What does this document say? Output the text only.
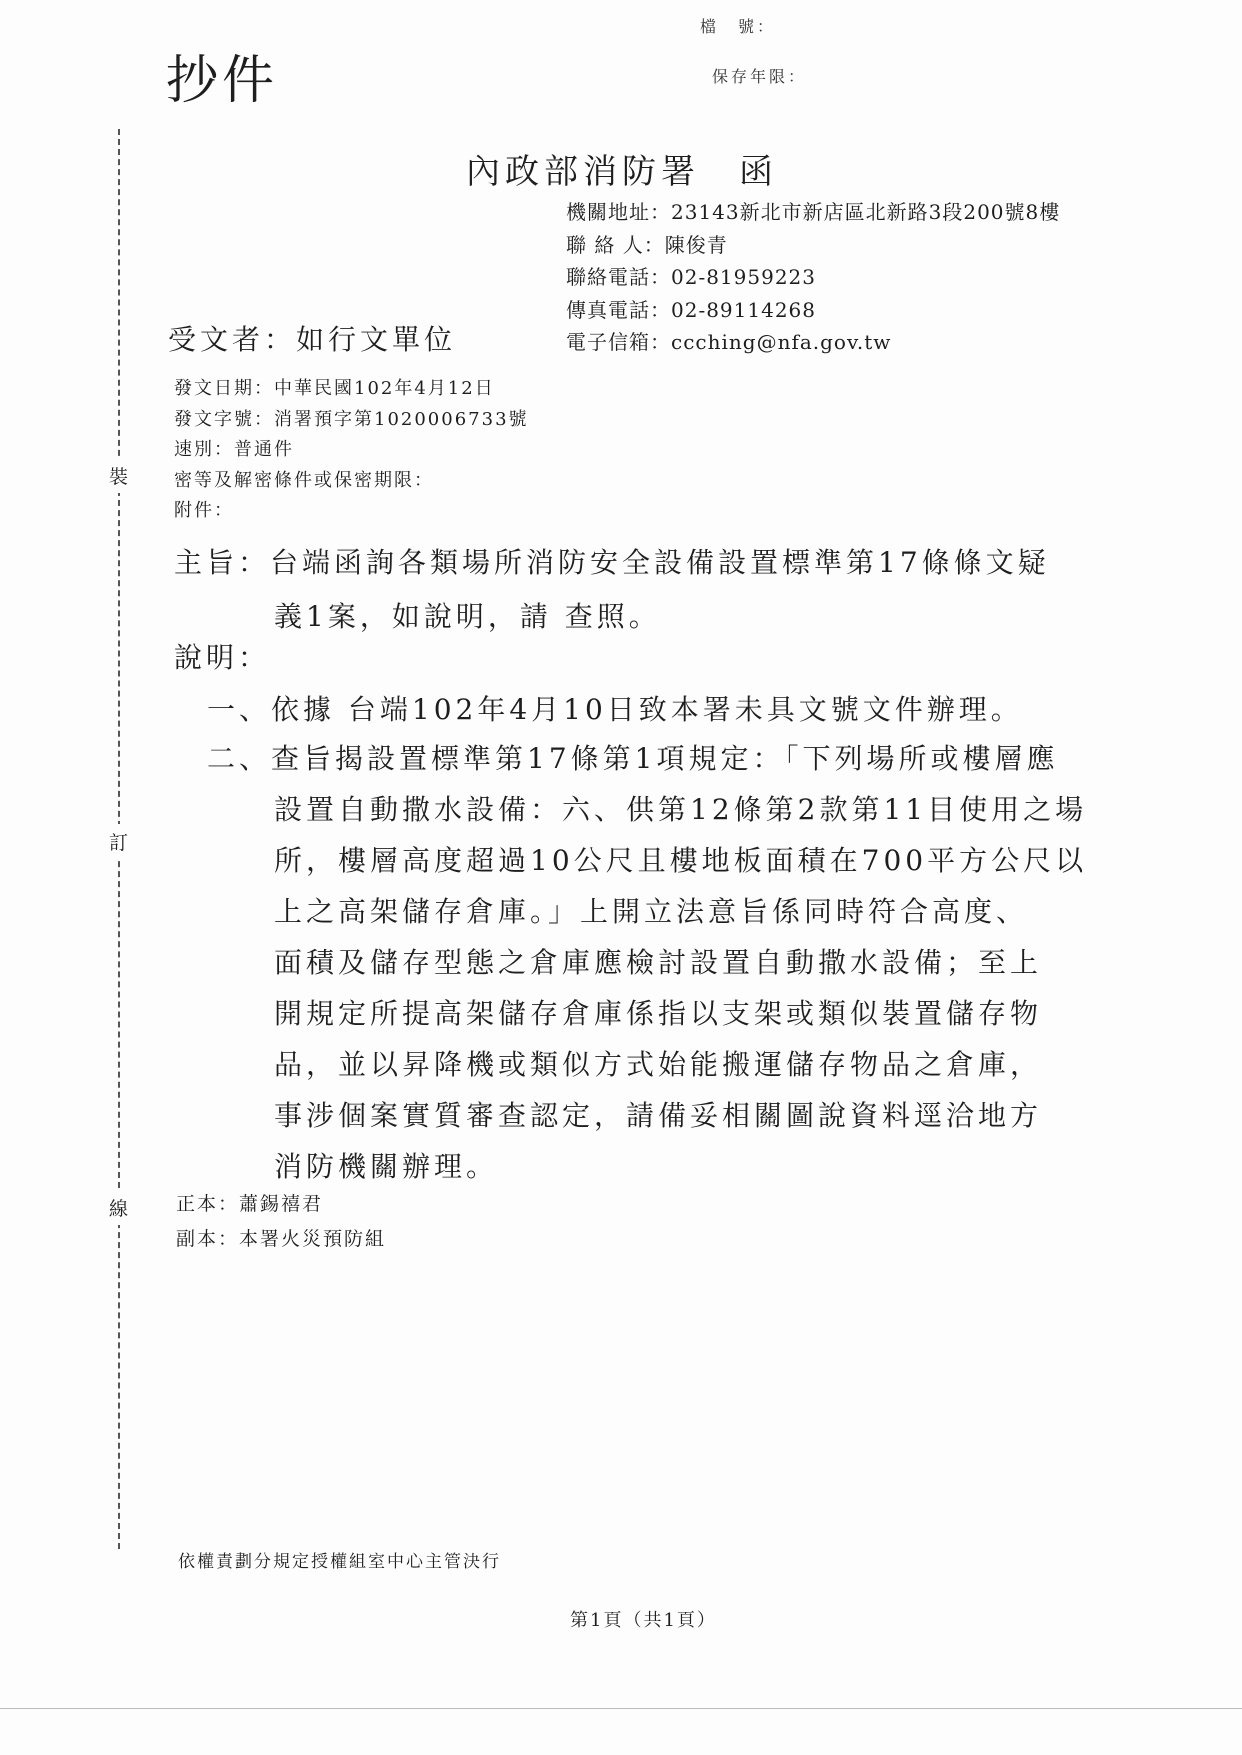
裝
訂
線
抄件
檔　號：
保存年限：
內政部消防署　函
機關地址：23143新北市新店區北新路3段200號8樓
聯 絡 人：陳俊青
聯絡電話：02-81959223
傳真電話：02-89114268
電子信箱：ccching@nfa.gov.tw
受文者：如行文單位
發文日期：中華民國102年4月12日
發文字號：消署預字第1020006733號
速別：普通件
密等及解密條件或保密期限：
附件：
主旨：台端函詢各類場所消防安全設備設置標準第17條條文疑
義1案，如說明，請 查照。
說明：
一、依據 台端102年4月10日致本署未具文號文件辦理。
二、查旨揭設置標準第17條第1項規定：「下列場所或樓層應
設置自動撒水設備：六、供第12條第2款第11目使用之場
所，樓層高度超過10公尺且樓地板面積在700平方公尺以
上之高架儲存倉庫。」上開立法意旨係同時符合高度、
面積及儲存型態之倉庫應檢討設置自動撒水設備；至上
開規定所提高架儲存倉庫係指以支架或類似裝置儲存物
品，並以昇降機或類似方式始能搬運儲存物品之倉庫，
事涉個案實質審查認定，請備妥相關圖說資料逕洽地方
消防機關辦理。
正本：蕭錫禧君
副本：本署火災預防組
依權責劃分規定授權組室中心主管決行
第1頁（共1頁）
